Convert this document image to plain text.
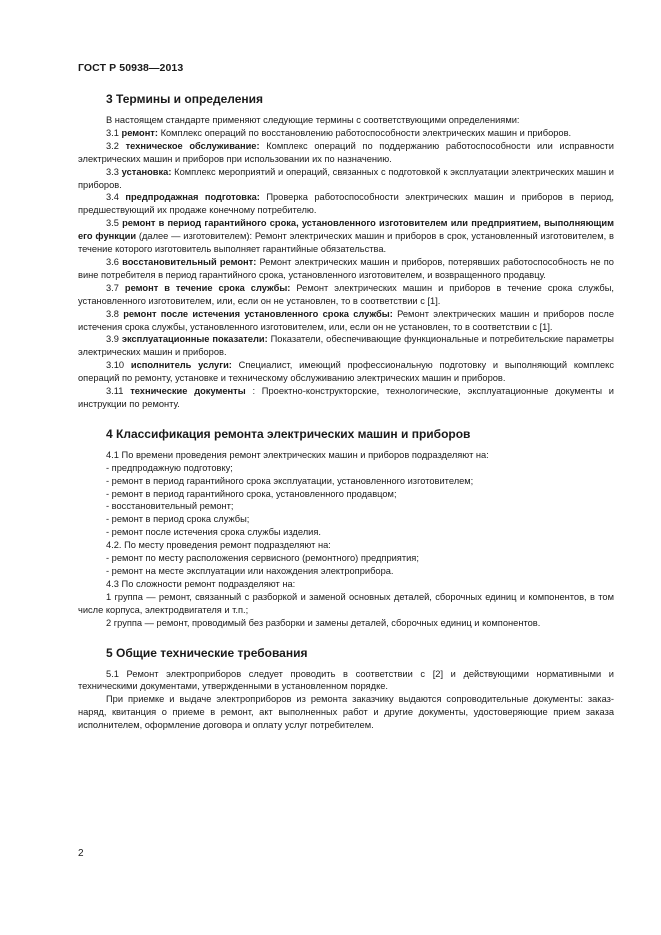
ГОСТ Р 50938—2013
3 Термины и определения

В настоящем стандарте применяют следующие термины с соответствующими определениями:

3.1 ремонт: Комплекс операций по восстановлению работоспособности электрических машин и приборов.

3.2 техническое обслуживание: Комплекс операций по поддержанию работоспособности или исправности электрических машин и приборов при использовании их по назначению.

3.3 установка: Комплекс мероприятий и операций, связанных с подготовкой к эксплуатации электрических машин и приборов.

3.4 предпродажная подготовка: Проверка работоспособности электрических машин и приборов в период, предшествующий их продаже конечному потребителю.

3.5 ремонт в период гарантийного срока, установленного изготовителем или предприятием, выполняющим его функции (далее — изготовителем): Ремонт электрических машин и приборов в срок, установленный изготовителем, в течение которого изготовитель выполняет гарантийные обязательства.

3.6 восстановительный ремонт: Ремонт электрических машин и приборов, потерявших работоспособность не по вине потребителя в период гарантийного срока, установленного изготовителем, и возвращенного продавцу.

3.7 ремонт в течение срока службы: Ремонт электрических машин и приборов в течение срока службы, установленного изготовителем, или, если он не установлен, то в соответствии с [1].

3.8 ремонт после истечения установленного срока службы: Ремонт электрических машин и приборов после истечения срока службы, установленного изготовителем, или, если он не установлен, то в соответствии с [1].

3.9 эксплуатационные показатели: Показатели, обеспечивающие функциональные и потребительские параметры электрических машин и приборов.

3.10 исполнитель услуги: Специалист, имеющий профессиональную подготовку и выполняющий комплекс операций по ремонту, установке и техническому обслуживанию электрических машин и приборов.

3.11 технические документы : Проектно-конструкторские, технологические, эксплуатационные документы и инструкции по ремонту.

4 Классификация ремонта электрических машин и приборов

4.1 По времени проведения ремонт электрических машин и приборов подразделяют на:

- предпродажную подготовку;

- ремонт в период гарантийного срока эксплуатации, установленного изготовителем;

- ремонт в период гарантийного срока, установленного продавцом;

- восстановительный ремонт;

- ремонт в период срока службы;

- ремонт после истечения срока службы изделия.

4.2. По месту проведения ремонт подразделяют на:

- ремонт по месту расположения сервисного (ремонтного) предприятия;

- ремонт на месте эксплуатации или нахождения электроприбора.

4.3 По сложности ремонт подразделяют на:

1 группа — ремонт, связанный с разборкой и заменой основных деталей, сборочных единиц и компонентов, в том числе корпуса, электродвигателя и т.п.;

2 группа — ремонт, проводимый без разборки и замены деталей, сборочных единиц и компонентов.

5 Общие технические требования

5.1 Ремонт электроприборов следует проводить в соответствии с [2] и действующими нормативными и техническими документами, утвержденными в установленном порядке.

При приемке и выдаче электроприборов из ремонта заказчику выдаются сопроводительные документы: заказ-наряд, квитанция о приеме в ремонт, акт выполненных работ и другие документы, удостоверяющие прием заказа исполнителем, оформление договора и оплату услуг потребителем.

2
